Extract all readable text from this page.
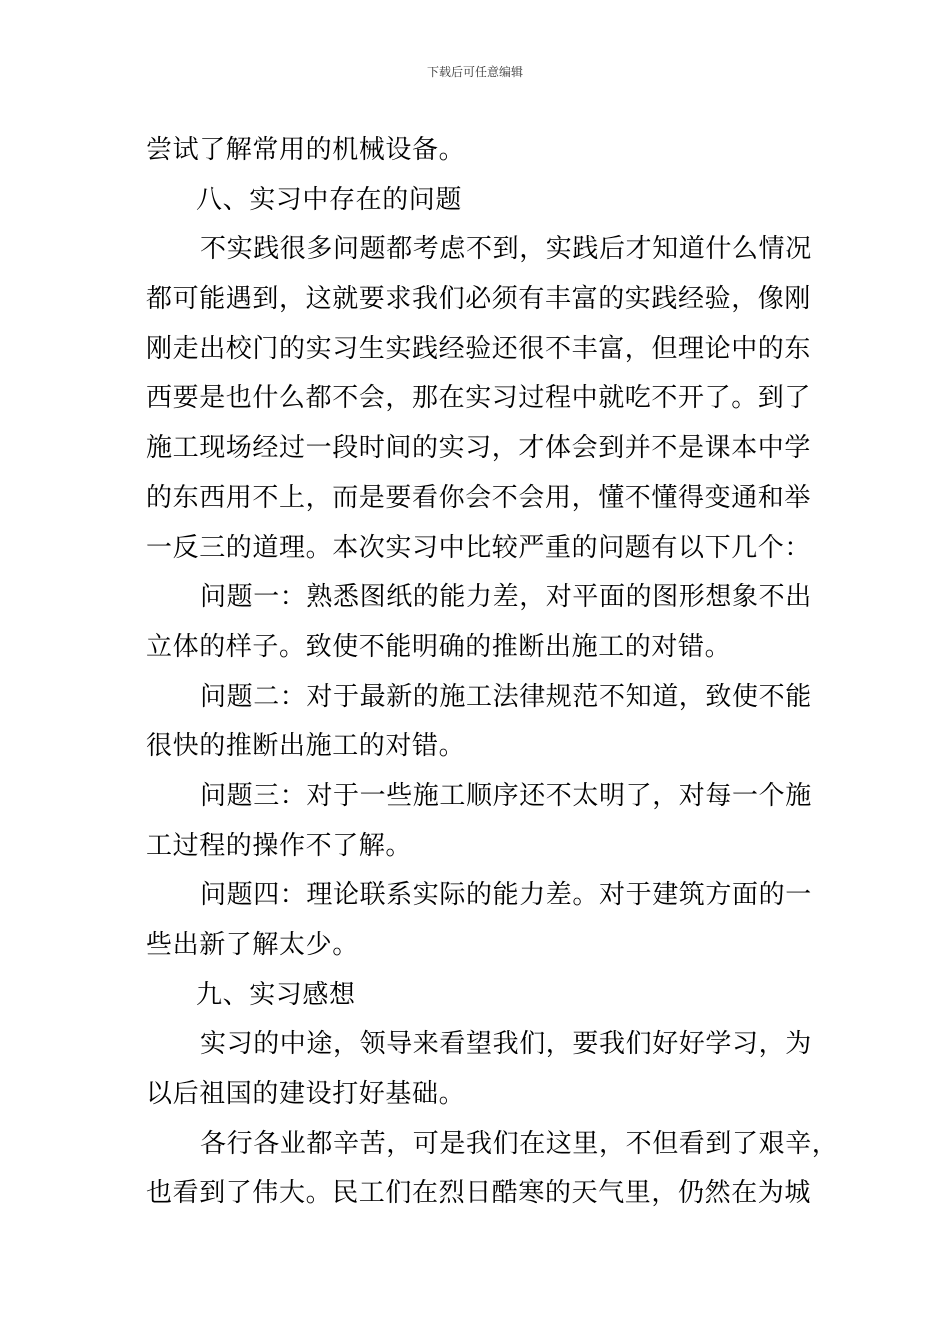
下载后可任意编辑
尝试了解常用的机械设备。
八、实习中存在的问题
不实践很多问题都考虑不到，实践后才知道什么情况
都可能遇到，这就要求我们必须有丰富的实践经验，像刚
刚走出校门的实习生实践经验还很不丰富，但理论中的东
西要是也什么都不会，那在实习过程中就吃不开了。到了
施工现场经过一段时间的实习，才体会到并不是课本中学
的东西用不上，而是要看你会不会用，懂不懂得变通和举
一反三的道理。本次实习中比较严重的问题有以下几个：
问题一：熟悉图纸的能力差，对平面的图形想象不出
立体的样子。致使不能明确的推断出施工的对错。
问题二：对于最新的施工法律规范不知道，致使不能
很快的推断出施工的对错。
问题三：对于一些施工顺序还不太明了，对每一个施
工过程的操作不了解。
问题四：理论联系实际的能力差。对于建筑方面的一
些出新了解太少。
九、实习感想
实习的中途，领导来看望我们，要我们好好学习，为
以后祖国的建设打好基础。
各行各业都辛苦，可是我们在这里，不但看到了艰辛，
也看到了伟大。民工们在烈日酷寒的天气里，仍然在为城
